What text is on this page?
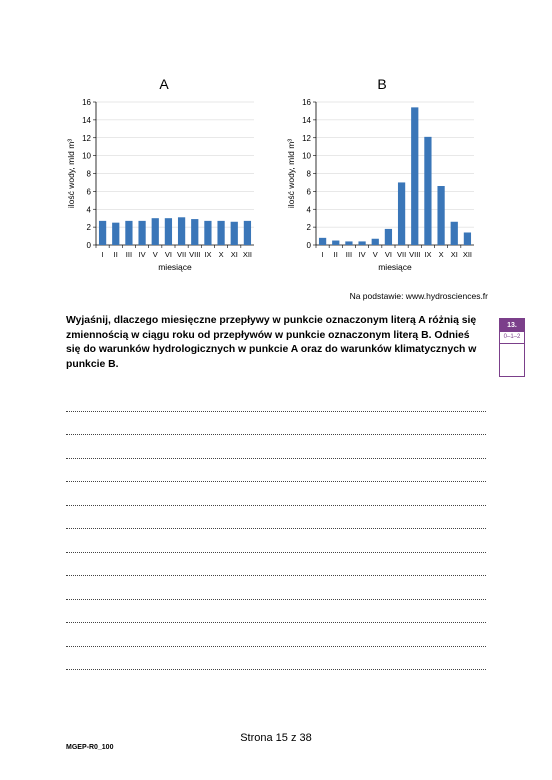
A	B
0
2
4
6
8
10
12
14
16
I II III IV V VI VII VIII IX X XI XII
miesiące
ilość wody, mld m³
0
2
4
6
8
10
12
14
16
I II III IV V VI VII VIII IX X XI XII
miesiące
ilość wody, mld m³
Na podstawie: www.hydrosciences.fr
Wyjaśnij, dlaczego miesięczne przepływy w punkcie oznaczonym literą A różnią się zmiennością w ciągu roku od przepływów w punkcie oznaczonym literą B. Odnieś się do warunków hydrologicznych w punkcie A oraz do warunków klimatycznych w punkcie B.
13.
0–1–2
Strona 15 z 38
MGEP-R0_100
